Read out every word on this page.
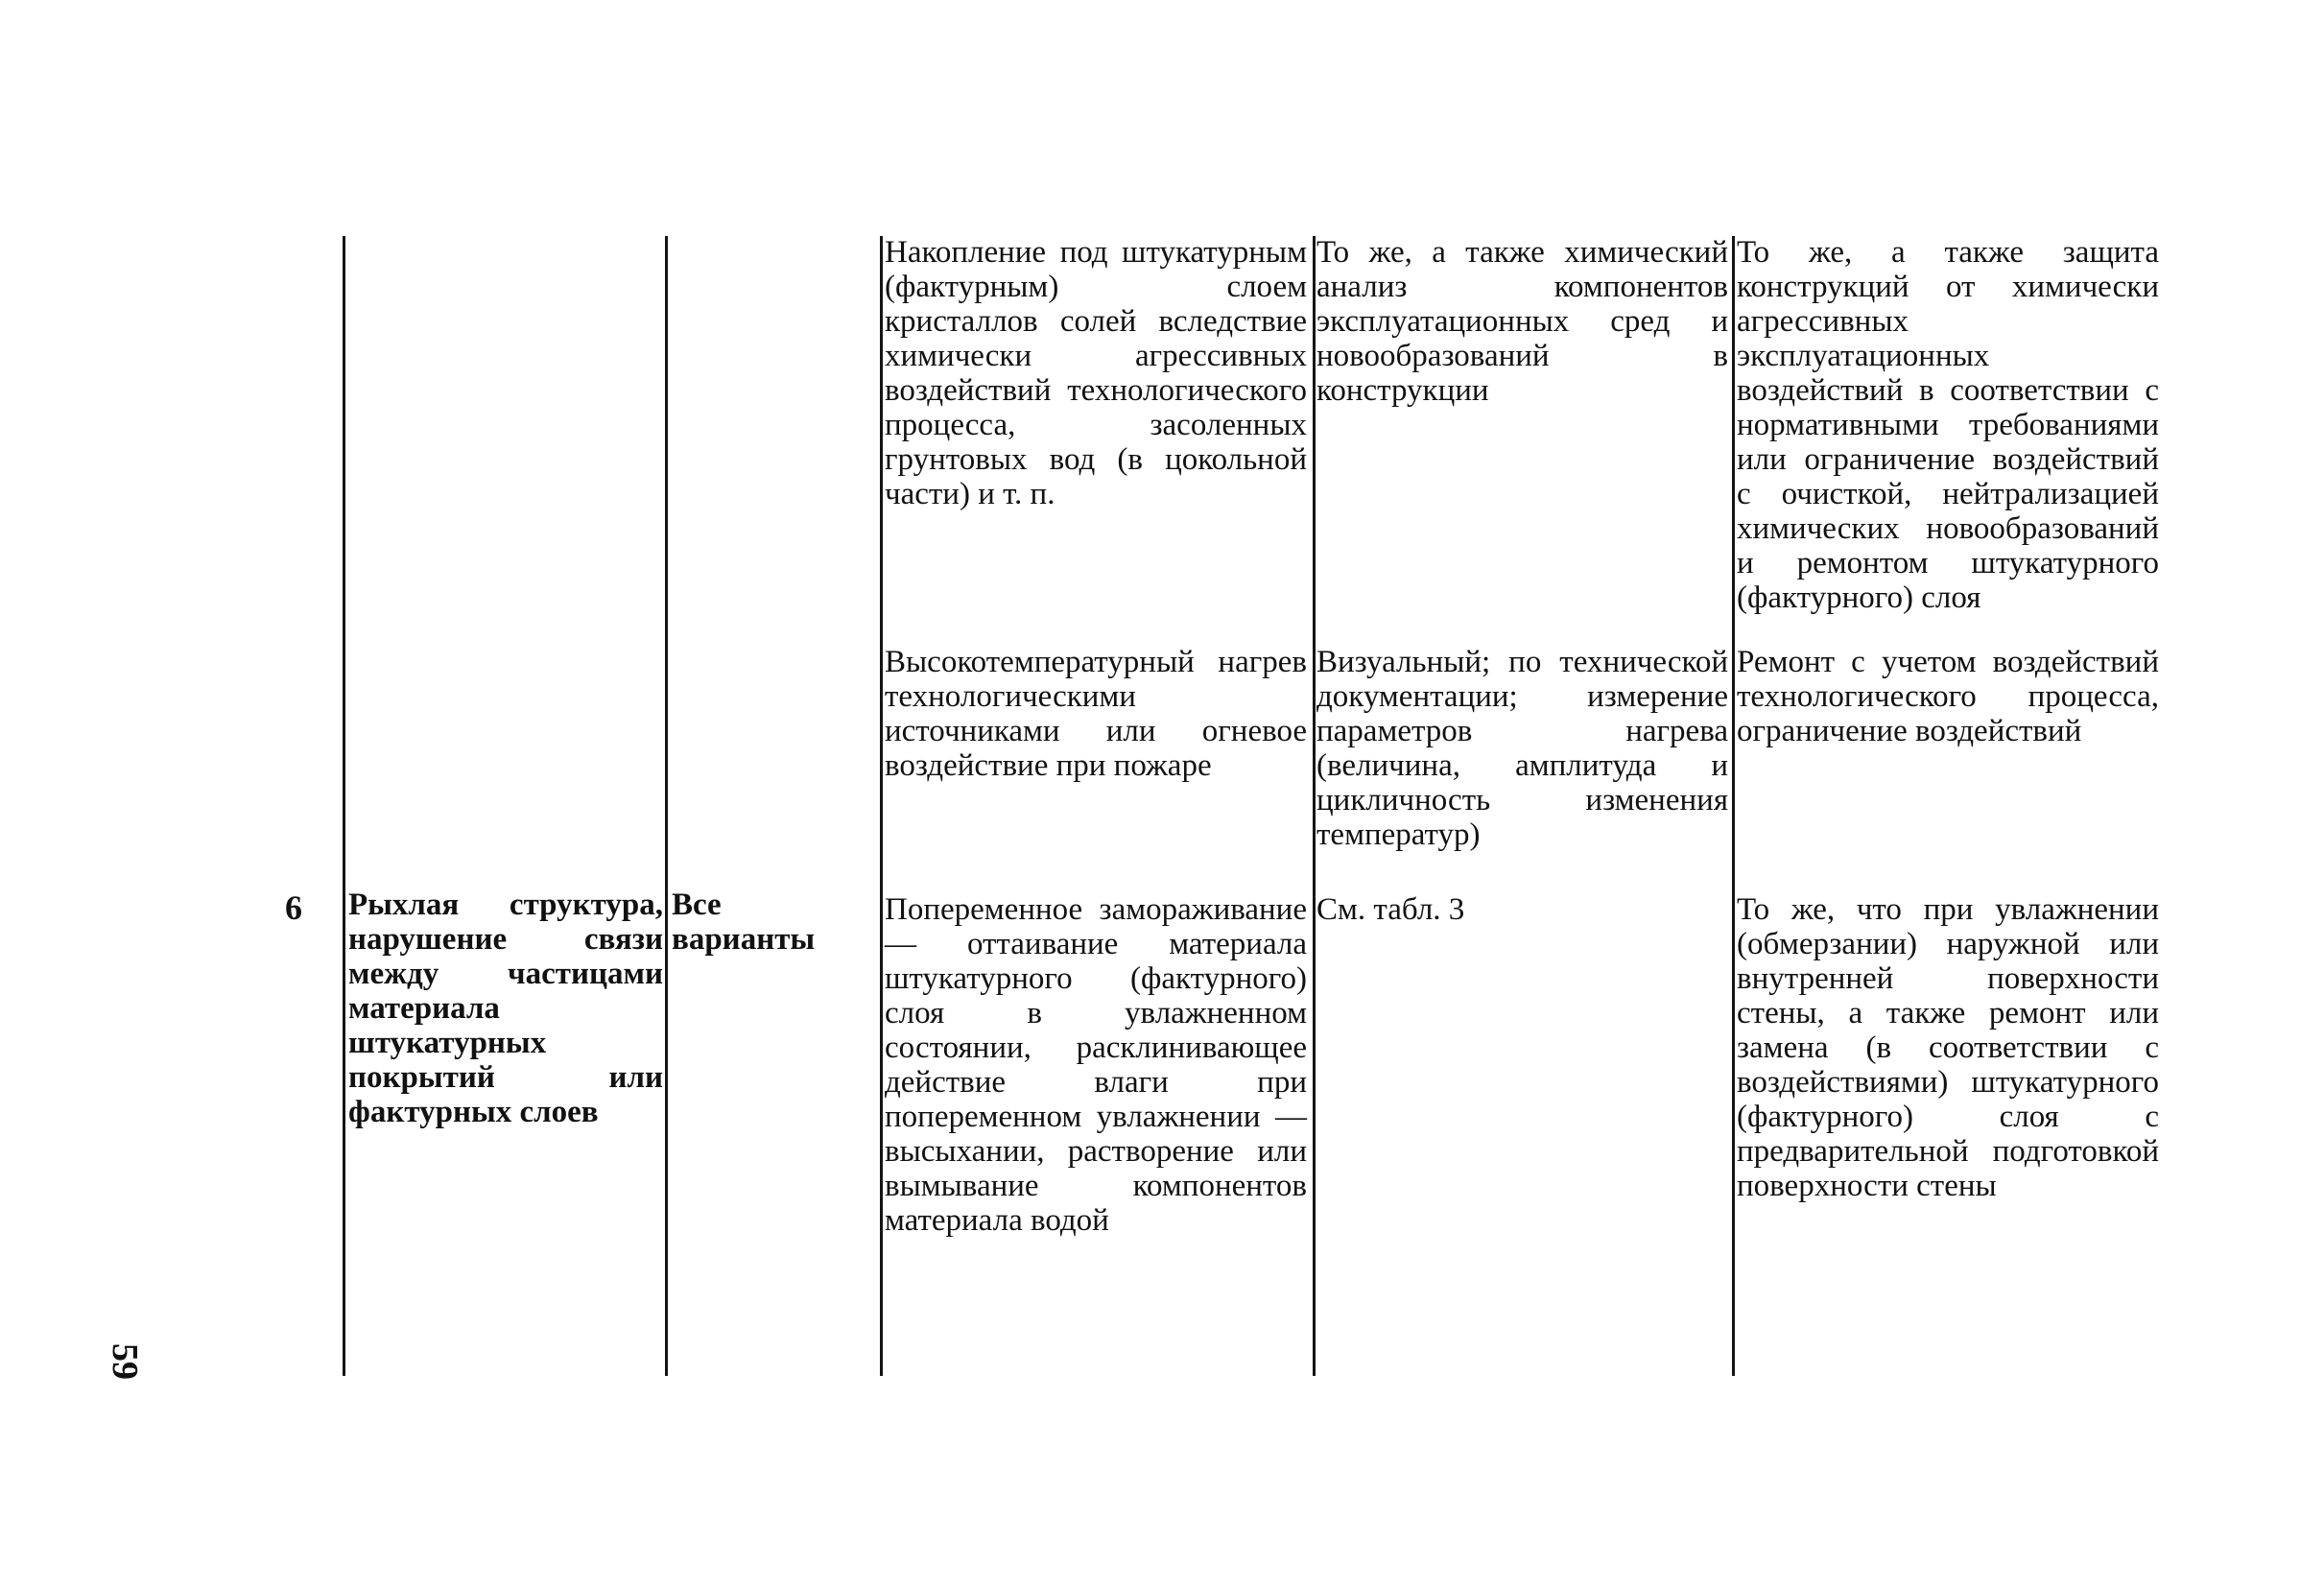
6 Рыхлая структура, нарушение связи между частицами материала штукатурных покрытий или фактурных слоев
Все варианты
Накопление под штукатурным (фактурным) слоем кристаллов солей вследствие химически агрессивных воздействий технологического процесса, засоленных грунтовых вод (в цокольной части) и т. п.
То же, а также химический анализ компонентов эксплуатационных сред и новообразований в конструкции
То же, а также защита конструкций от химически агрессивных эксплуатационных воздействий в соответствии с нормативными требованиями или ограничение воздействий с очисткой, нейтрализацией химических новообразований и ремонтом штукатурного (фактурного) слоя
Высокотемпературный нагрев технологическими источниками или огневое воздействие при пожаре
Визуальный; по технической документации; измерение параметров нагрева (величина, амплитуда и цикличность изменения температур)
Ремонт с учетом воздействий технологического процесса, ограничение воздействий
Попеременное замораживание — оттаивание материала штукатурного (фактурного) слоя в увлажненном состоянии, расклинивающее действие влаги при попеременном увлажнении — высыхании, растворение или вымывание компонентов материала водой
См. табл. 3	То же, что при увлажнении (обмерзании) наружной или внутренней поверхности стены, а также ремонт или замена (в соответствии с воздействиями) штукатурного (фактурного) слоя с предварительной подготовкой поверхности стены
59
